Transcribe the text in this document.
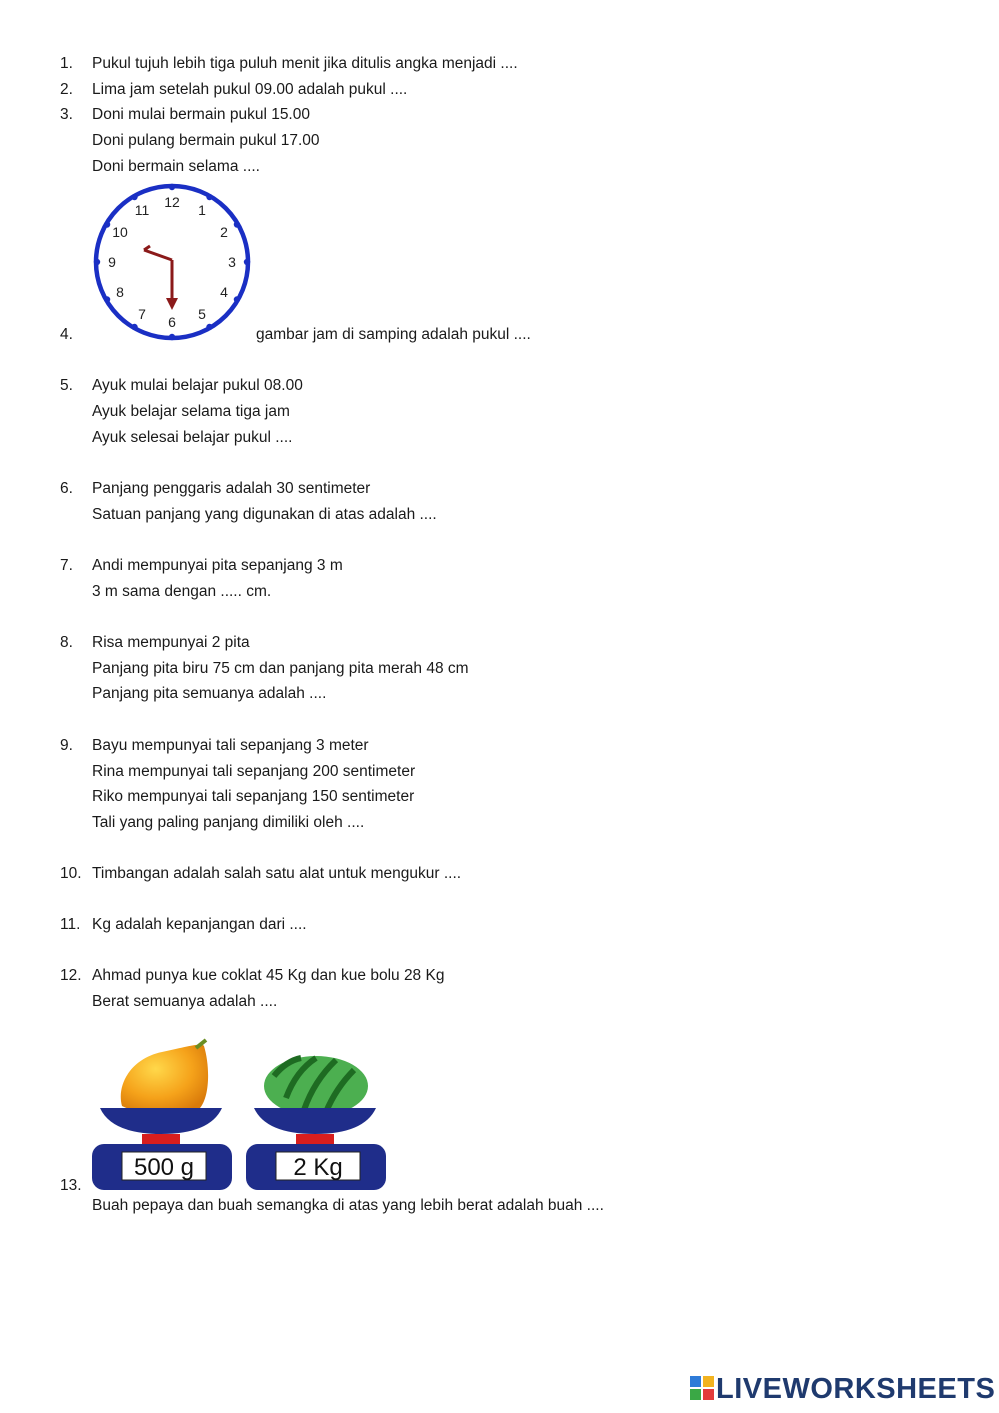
1. Pukul tujuh lebih tiga puluh menit jika ditulis angka menjadi ....
2. Lima jam setelah pukul 09.00 adalah pukul ....
3. Doni mulai bermain pukul 15.00
Doni pulang bermain pukul 17.00
Doni bermain selama ....
4.	gambar jam di samping adalah pukul ....
5. Ayuk mulai belajar pukul 08.00
Ayuk belajar selama tiga jam
Ayuk selesai belajar pukul ....
6. Panjang penggaris adalah 30 sentimeter
Satuan panjang yang digunakan di atas adalah ....
7. Andi mempunyai pita sepanjang 3 m
3 m sama dengan ..... cm.
8. Risa mempunyai 2 pita
Panjang pita biru 75 cm dan panjang pita merah 48 cm
Panjang pita semuanya adalah ....
9. Bayu mempunyai tali sepanjang 3 meter
Rina mempunyai tali sepanjang 200 sentimeter
Riko mempunyai tali sepanjang 150 sentimeter
Tali yang paling panjang dimiliki oleh ....
10. Timbangan adalah salah satu alat untuk mengukur ....
11. Kg adalah kepanjangan dari ....
12. Ahmad punya kue coklat 45 Kg dan kue bolu 28 Kg
Berat semuanya adalah ....
13.
Buah pepaya dan buah semangka di atas yang lebih berat adalah buah ....
12
1
2
3
4
5
6
7
8
9
10
11
500 g	2 Kg
LIVEWORKSHEETS
